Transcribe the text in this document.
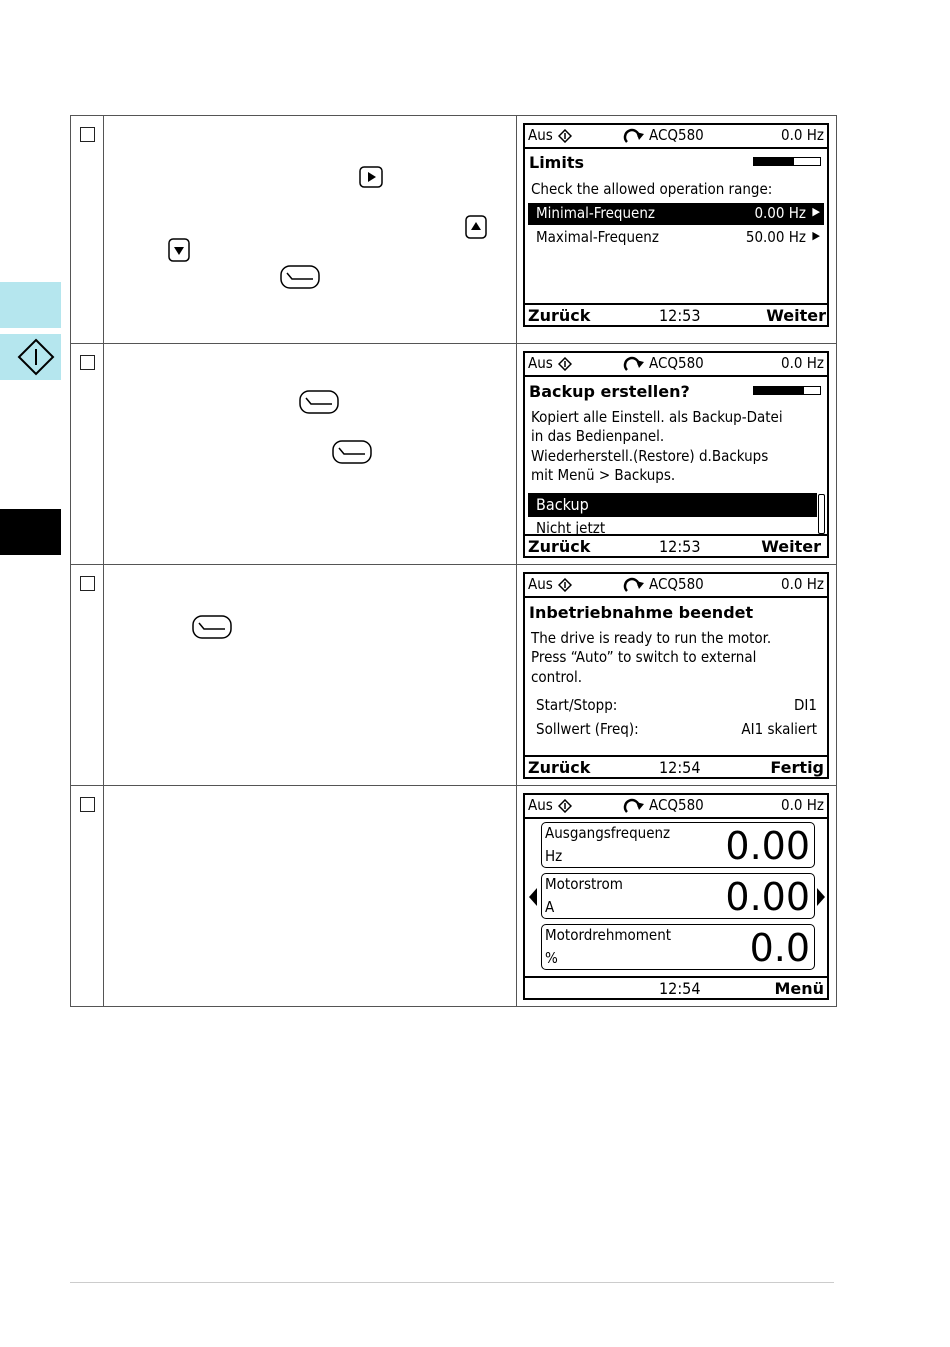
Aus	ACQ580	0.0 Hz
Limits
Check the allowed operation range:
Minimal-Frequenz	0.00 Hz ▶
Maximal-Frequenz	50.00 Hz ▶
Zurück	12:53	Weiter
Aus	ACQ580	0.0 Hz
Backup erstellen?
Kopiert alle Einstell. als Backup-Datei
in das Bedienpanel.
Wiederherstell.(Restore) d.Backups
mit Menü > Backups.
Backup
Nicht jetzt
Zurück	12:53	Weiter
Aus	ACQ580	0.0 Hz
Inbetriebnahme beendet
The drive is ready to run the motor.
Press “Auto” to switch to external
control.
Start/Stopp:	DI1
Sollwert (Freq):	AI1 skaliert
Zurück	12:54	Fertig
Aus	ACQ580	0.0 Hz
Ausgangsfrequenz
Hz	0.00
Motorstrom
A	0.00
Motordrehmoment
%	0.0
12:54	Menü
